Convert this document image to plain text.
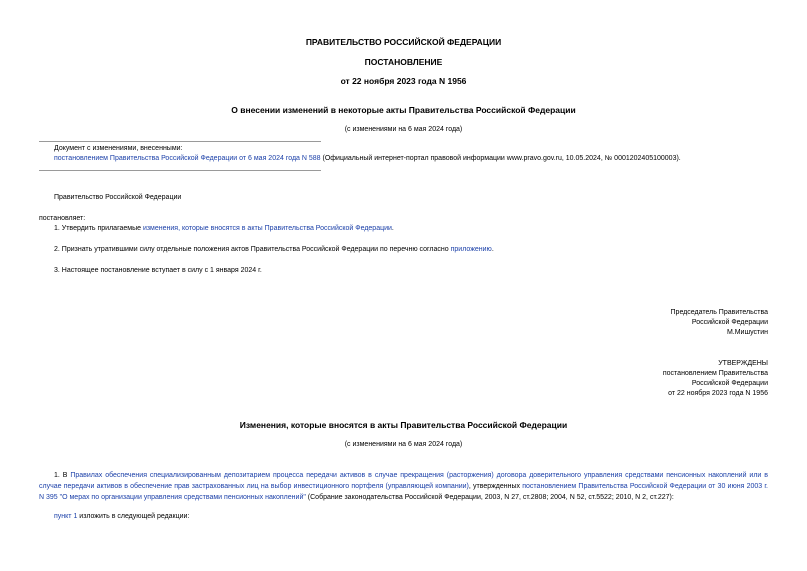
ПРАВИТЕЛЬСТВО РОССИЙСКОЙ ФЕДЕРАЦИИ
ПОСТАНОВЛЕНИЕ
от 22 ноября 2023 года N 1956
О внесении изменений в некоторые акты Правительства Российской Федерации
(с изменениями на 6 мая 2024 года)
Документ с изменениями, внесенными:
постановлением Правительства Российской Федерации от 6 мая 2024 года N 588 (Официальный интернет-портал правовой информации www.pravo.gov.ru, 10.05.2024, № 0001202405100003).
Правительство Российской Федерации
постановляет:
1. Утвердить прилагаемые изменения, которые вносятся в акты Правительства Российской Федерации.
2. Признать утратившими силу отдельные положения актов Правительства Российской Федерации по перечню согласно приложению.
3. Настоящее постановление вступает в силу с 1 января 2024 г.
Председатель Правительства
Российской Федерации
М.Мишустин
УТВЕРЖДЕНЫ
постановлением Правительства
Российской Федерации
от 22 ноября 2023 года N 1956
Изменения, которые вносятся в акты Правительства Российской Федерации
(с изменениями на 6 мая 2024 года)
1. В Правилах обеспечения специализированным депозитарием процесса передачи активов в случае прекращения (расторжения) договора доверительного управления средствами пенсионных накоплений или в случае передачи активов в обеспечение прав застрахованных лиц на выбор инвестиционного портфеля (управляющей компании), утвержденных постановлением Правительства Российской Федерации от 30 июня 2003 г. N 395 "О мерах по организации управления средствами пенсионных накоплений" (Собрание законодательства Российской Федерации, 2003, N 27, ст.2808; 2004, N 52, ст.5522; 2010, N 2, ст.227):
пункт 1 изложить в следующей редакции:
